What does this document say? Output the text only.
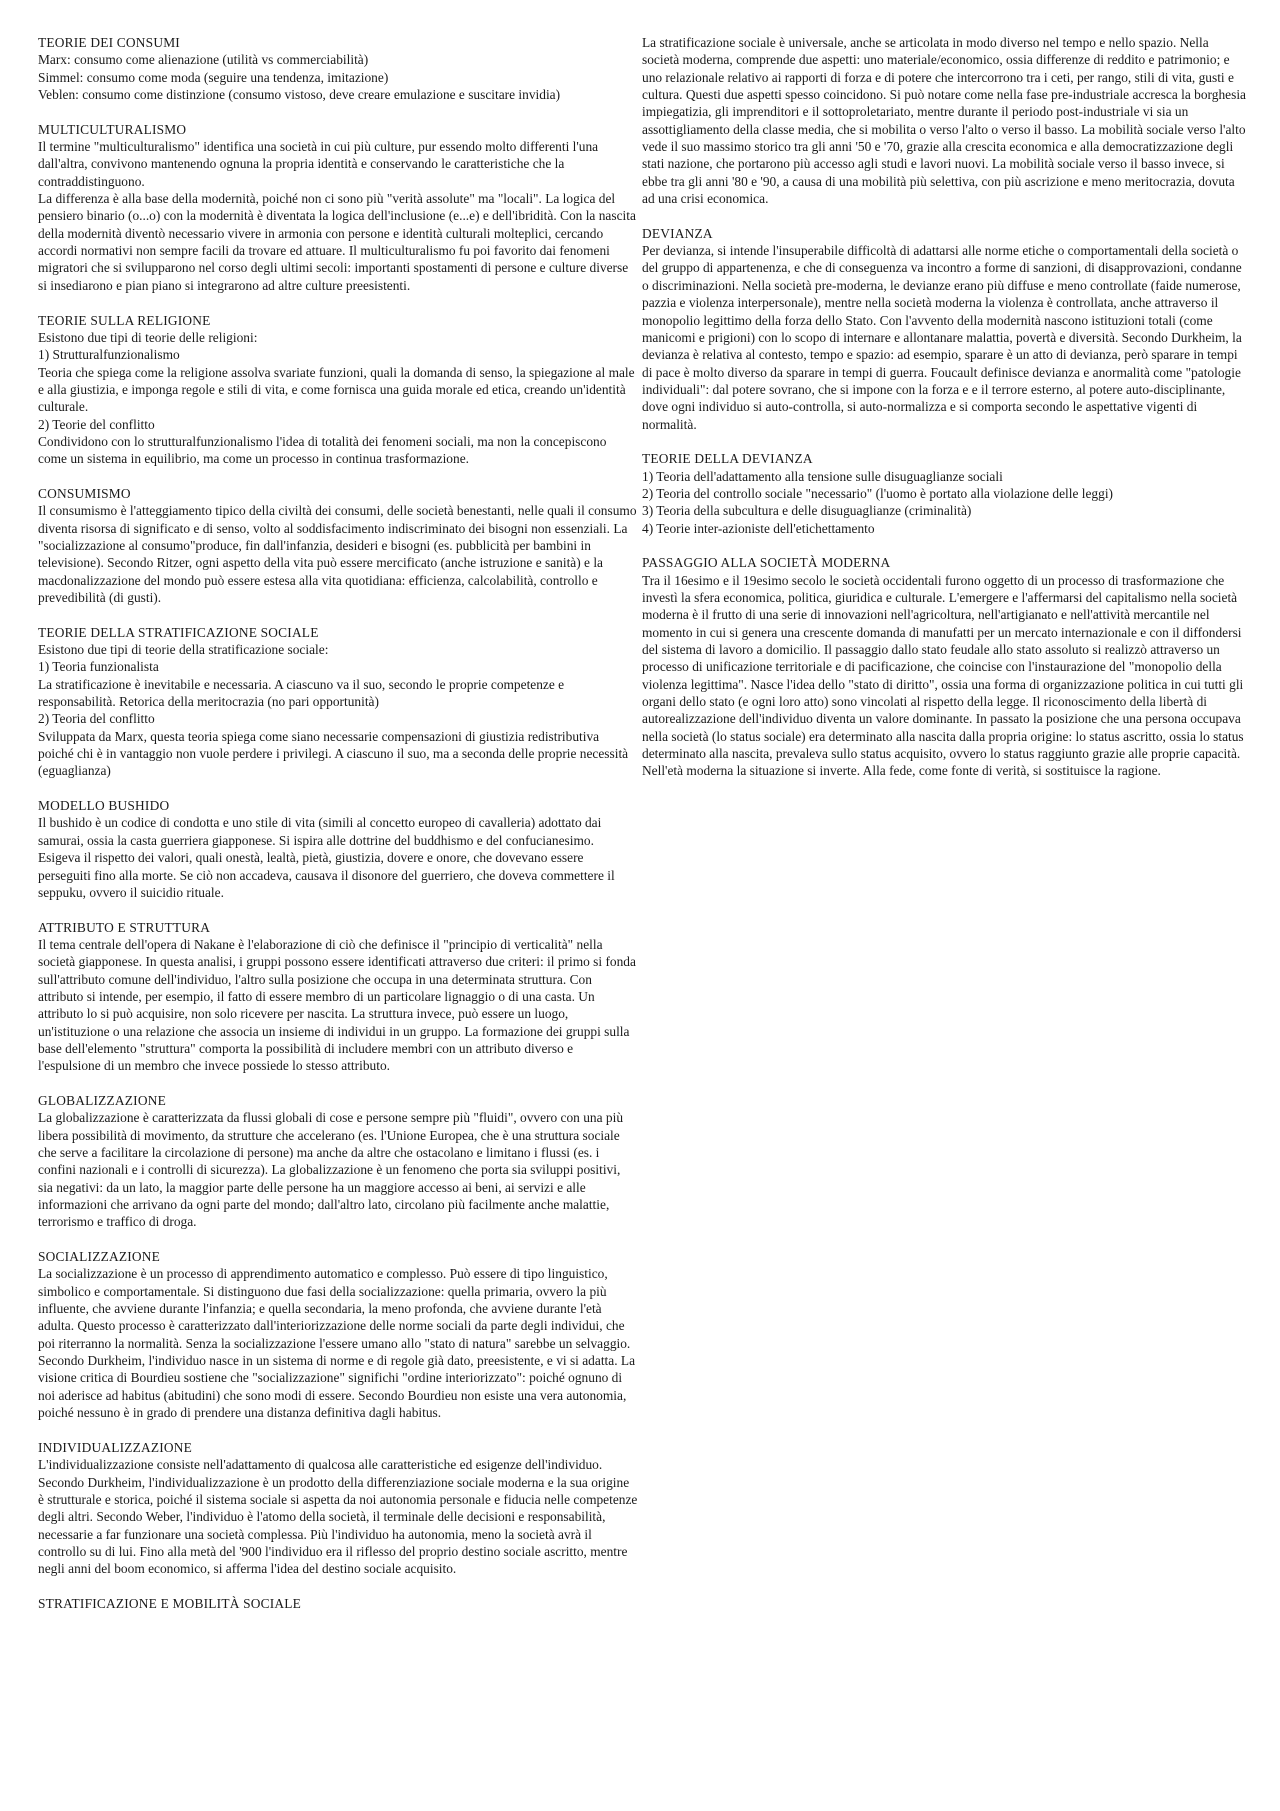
TEORIE DEI CONSUMI
Marx: consumo come alienazione (utilità vs commerciabilità)
Simmel: consumo come moda (seguire una tendenza, imitazione)
Veblen: consumo come distinzione (consumo vistoso, deve creare emulazione e suscitare invidia)
MULTICULTURALISMO
Il termine "multiculturalismo" identifica una società in cui più culture, pur essendo molto differenti l'una dall'altra, convivono mantenendo ognuna la propria identità e conservando le caratteristiche che la contraddistinguono.
La differenza è alla base della modernità, poiché non ci sono più "verità assolute" ma "locali". La logica del pensiero binario (o...o) con la modernità è diventata la logica dell'inclusione (e...e) e dell'ibridità. Con la nascita della modernità diventò necessario vivere in armonia con persone e identità culturali molteplici, cercando accordi normativi non sempre facili da trovare ed attuare. Il multiculturalismo fu poi favorito dai fenomeni migratori che si svilupparono nel corso degli ultimi secoli: importanti spostamenti di persone e culture diverse si insediarono e pian piano si integrarono ad altre culture preesistenti.
TEORIE SULLA RELIGIONE
Esistono due tipi di teorie delle religioni:
1) Strutturalfunzionalismo
Teoria che spiega come la religione assolva svariate funzioni, quali la domanda di senso, la spiegazione al male e alla giustizia, e imponga regole e stili di vita, e come fornisca una guida morale ed etica, creando un'identità culturale.
2) Teorie del conflitto
Condividono con lo strutturalfunzionalismo l'idea di totalità dei fenomeni sociali, ma non la concepiscono come un sistema in equilibrio, ma come un processo in continua trasformazione.
CONSUMISMO
Il consumismo è l'atteggiamento tipico della civiltà dei consumi, delle società benestanti, nelle quali il consumo diventa risorsa di significato e di senso, volto al soddisfacimento indiscriminato dei bisogni non essenziali. La "socializzazione al consumo"produce, fin dall'infanzia, desideri e bisogni (es. pubblicità per bambini in televisione). Secondo Ritzer, ogni aspetto della vita può essere mercificato (anche istruzione e sanità) e la macdonalizzazione del mondo può essere estesa alla vita quotidiana: efficienza, calcolabilità, controllo e prevedibilità (di gusti).
TEORIE DELLA STRATIFICAZIONE SOCIALE
Esistono due tipi di teorie della stratificazione sociale:
1) Teoria funzionalista
La stratificazione è inevitabile e necessaria. A ciascuno va il suo, secondo le proprie competenze e responsabilità. Retorica della meritocrazia (no pari opportunità)
2) Teoria del conflitto
Sviluppata da Marx, questa teoria spiega come siano necessarie compensazioni di giustizia redistributiva poiché chi è in vantaggio non vuole perdere i privilegi. A ciascuno il suo, ma a seconda delle proprie necessità (eguaglianza)
MODELLO BUSHIDO
Il bushido è un codice di condotta e uno stile di vita (simili al concetto europeo di cavalleria) adottato dai samurai, ossia la casta guerriera giapponese. Si ispira alle dottrine del buddhismo e del confucianesimo. Esigeva il rispetto dei valori, quali onestà, lealtà, pietà, giustizia, dovere e onore, che dovevano essere perseguiti fino alla morte. Se ciò non accadeva, causava il disonore del guerriero, che doveva commettere il seppuku, ovvero il suicidio rituale.
ATTRIBUTO E STRUTTURA
Il tema centrale dell'opera di Nakane è l'elaborazione di ciò che definisce il "principio di verticalità" nella società giapponese. In questa analisi, i gruppi possono essere identificati attraverso due criteri: il primo si fonda sull'attributo comune dell'individuo, l'altro sulla posizione che occupa in una determinata struttura. Con attributo si intende, per esempio, il fatto di essere membro di un particolare lignaggio o di una casta. Un attributo lo si può acquisire, non solo ricevere per nascita. La struttura invece, può essere un luogo, un'istituzione o una relazione che associa un insieme di individui in un gruppo. La formazione dei gruppi sulla base dell'elemento "struttura" comporta la possibilità di includere membri con un attributo diverso e l'espulsione di un membro che invece possiede lo stesso attributo.
GLOBALIZZAZIONE
La globalizzazione è caratterizzata da flussi globali di cose e persone sempre più "fluidi", ovvero con una più libera possibilità di movimento, da strutture che accelerano (es. l'Unione Europea, che è una struttura sociale che serve a facilitare la circolazione di persone) ma anche da altre che ostacolano e limitano i flussi (es. i confini nazionali e i controlli di sicurezza). La globalizzazione è un fenomeno che porta sia sviluppi positivi, sia negativi: da un lato, la maggior parte delle persone ha un maggiore accesso ai beni, ai servizi e alle informazioni che arrivano da ogni parte del mondo; dall'altro lato, circolano più facilmente anche malattie, terrorismo e traffico di droga.
SOCIALIZZAZIONE
La socializzazione è un processo di apprendimento automatico e complesso. Può essere di tipo linguistico, simbolico e comportamentale. Si distinguono due fasi della socializzazione: quella primaria, ovvero la più influente, che avviene durante l'infanzia; e quella secondaria, la meno profonda, che avviene durante l'età adulta. Questo processo è caratterizzato dall'interiorizzazione delle norme sociali da parte degli individui, che poi riterranno la normalità. Senza la socializzazione l'essere umano allo "stato di natura" sarebbe un selvaggio. Secondo Durkheim, l'individuo nasce in un sistema di norme e di regole già dato, preesistente, e vi si adatta. La visione critica di Bourdieu sostiene che "socializzazione" significhi "ordine interiorizzato": poiché ognuno di noi aderisce ad habitus (abitudini) che sono modi di essere. Secondo Bourdieu non esiste una vera autonomia, poiché nessuno è in grado di prendere una distanza definitiva dagli habitus.
INDIVIDUALIZZAZIONE
L'individualizzazione consiste nell'adattamento di qualcosa alle caratteristiche ed esigenze dell'individuo. Secondo Durkheim, l'individualizzazione è un prodotto della differenziazione sociale moderna e la sua origine è strutturale e storica, poiché il sistema sociale si aspetta da noi autonomia personale e fiducia nelle competenze degli altri. Secondo Weber, l'individuo è l'atomo della società, il terminale delle decisioni e responsabilità, necessarie a far funzionare una società complessa. Più l'individuo ha autonomia, meno la società avrà il controllo su di lui. Fino alla metà del '900 l'individuo era il riflesso del proprio destino sociale ascritto, mentre negli anni del boom economico, si afferma l'idea del destino sociale acquisito.
STRATIFICAZIONE E MOBILITÀ SOCIALE
La stratificazione sociale è universale, anche se articolata in modo diverso nel tempo e nello spazio. Nella società moderna, comprende due aspetti: uno materiale/economico, ossia differenze di reddito e patrimonio; e uno relazionale relativo ai rapporti di forza e di potere che intercorrono tra i ceti, per rango, stili di vita, gusti e cultura. Questi due aspetti spesso coincidono. Si può notare come nella fase pre-industriale accresca la borghesia impiegatizia, gli imprenditori e il sottoproletariato, mentre durante il periodo post-industriale vi sia un assottigliamento della classe media, che si mobilita o verso l'alto o verso il basso. La mobilità sociale verso l'alto vede il suo massimo storico tra gli anni '50 e '70, grazie alla crescita economica e alla democratizzazione degli stati nazione, che portarono più accesso agli studi e lavori nuovi. La mobilità sociale verso il basso invece, si ebbe tra gli anni '80 e '90, a causa di una mobilità più selettiva, con più ascrizione e meno meritocrazia, dovuta ad una crisi economica.
DEVIANZA
Per devianza, si intende l'insuperabile difficoltà di adattarsi alle norme etiche o comportamentali della società o del gruppo di appartenenza, e che di conseguenza va incontro a forme di sanzioni, di disapprovazioni, condanne o discriminazioni. Nella società pre-moderna, le devianze erano più diffuse e meno controllate (faide numerose, pazzia e violenza interpersonale), mentre nella società moderna la violenza è controllata, anche attraverso il monopolio legittimo della forza dello Stato. Con l'avvento della modernità nascono istituzioni totali (come manicomi e prigioni) con lo scopo di internare e allontanare malattia, povertà e diversità. Secondo Durkheim, la devianza è relativa al contesto, tempo e spazio: ad esempio, sparare è un atto di devianza, però sparare in tempi di pace è molto diverso da sparare in tempi di guerra. Foucault definisce devianza e anormalità come "patologie individuali": dal potere sovrano, che si impone con la forza e e il terrore esterno, al potere auto-disciplinante, dove ogni individuo si auto-controlla, si auto-normalizza e si comporta secondo le aspettative vigenti di normalità.
TEORIE DELLA DEVIANZA
1) Teoria dell'adattamento alla tensione sulle disuguaglianze sociali
2) Teoria del controllo sociale "necessario" (l'uomo è portato alla violazione delle leggi)
3) Teoria della subcultura e delle disuguaglianze (criminalità)
4) Teorie inter-azioniste dell'etichettamento
PASSAGGIO ALLA SOCIETÀ MODERNA
Tra il 16esimo e il 19esimo secolo le società occidentali furono oggetto di un processo di trasformazione che investì la sfera economica, politica, giuridica e culturale. L'emergere e l'affermarsi del capitalismo nella società moderna è il frutto di una serie di innovazioni nell'agricoltura, nell'artigianato e nell'attività mercantile nel momento in cui si genera una crescente domanda di manufatti per un mercato internazionale e con il diffondersi del sistema di lavoro a domicilio. Il passaggio dallo stato feudale allo stato assoluto si realizzò attraverso un processo di unificazione territoriale e di pacificazione, che coincise con l'instaurazione del "monopolio della violenza legittima". Nasce l'idea dello "stato di diritto", ossia una forma di organizzazione politica in cui tutti gli organi dello stato (e ogni loro atto) sono vincolati al rispetto della legge. Il riconoscimento della libertà di autorealizzazione dell'individuo diventa un valore dominante. In passato la posizione che una persona occupava nella società (lo status sociale) era determinato alla nascita dalla propria origine: lo status ascritto, ossia lo status determinato alla nascita, prevaleva sullo status acquisito, ovvero lo status raggiunto grazie alle proprie capacità. Nell'età moderna la situazione si inverte. Alla fede, come fonte di verità, si sostituisce la ragione.
